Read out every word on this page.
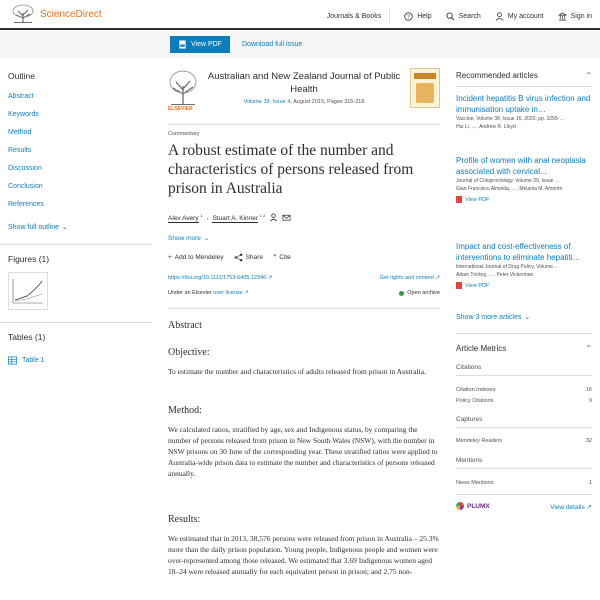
ScienceDirect	Journals & Books	? Help	Search	My account	Sign in
View PDF	Download full issue
Outline
Abstract
Keywords
Method
Results
Discussion
Conclusion
References
Show full outline ⌄
Figures (1)
Tables (1)
Table 1
ELSEVIER
Australian and New Zealand Journal of Public Health
Volume 39, Issue 4, August 2015, Pages 315-318
Commentary
A robust estimate of the number and characteristics of persons released from prison in Australia
Alex Avery $^1$ , Stuart A. Kinner $^{1 2}$
Show more ⌄
+ Add to Mendeley	Share ” Cite
https://doi.org/10.1111/1753-6405.12346 ↗	Get rights and content ↗
Under an Elsevier user license ↗	Open archive
Abstract
Objective:

To estimate the number and characteristics of adults released from prison in Australia.

Method:

We calculated ratios, stratified by age, sex and Indigenous status, by comparing the number of persons released from prison in New South Wales (NSW), with the number in NSW prisons on 30 June of the corresponding year. These stratified ratios were applied to Australia-wide prison data to estimate the number and characteristics of persons released annually.

Results:

We estimated that in 2013, 38,576 persons were released from prison in Australia – 25.3% more than the daily prison population. Young people, Indigenous people and women were over-represented among those released. We estimated that 3.69 Indigenous women aged 18–24 were released annually for each equivalent person in prison; and 2.75 non-

Recommended articles	⌃
Incident hepatitis B virus infection and immunisation uptake in…
Vaccine, Volume 38, Issue 16, 2020, pp. 3255-…
Hui Li, …, Andrew R. Lloyd
Profile of women with anal neoplasia associated with cervical…
Journal of Coloproctology, Volume 39, Issue …
Gian Francisco Almeida, …, Melania M. Amorim
View PDF
Impact and cost-effectiveness of interventions to eliminate hepatiti…
International Journal of Drug Policy, Volume…
Adam Trickey, …, Peter Vickerman
View PDF
Show 3 more articles ⌄
Article Metrics	⌃
Citations
Citation Indexes	16
Policy Citations	9
Captures
Mendeley Readers	32
Mentions
News Mentions	1
PLUMX	View details ↗
